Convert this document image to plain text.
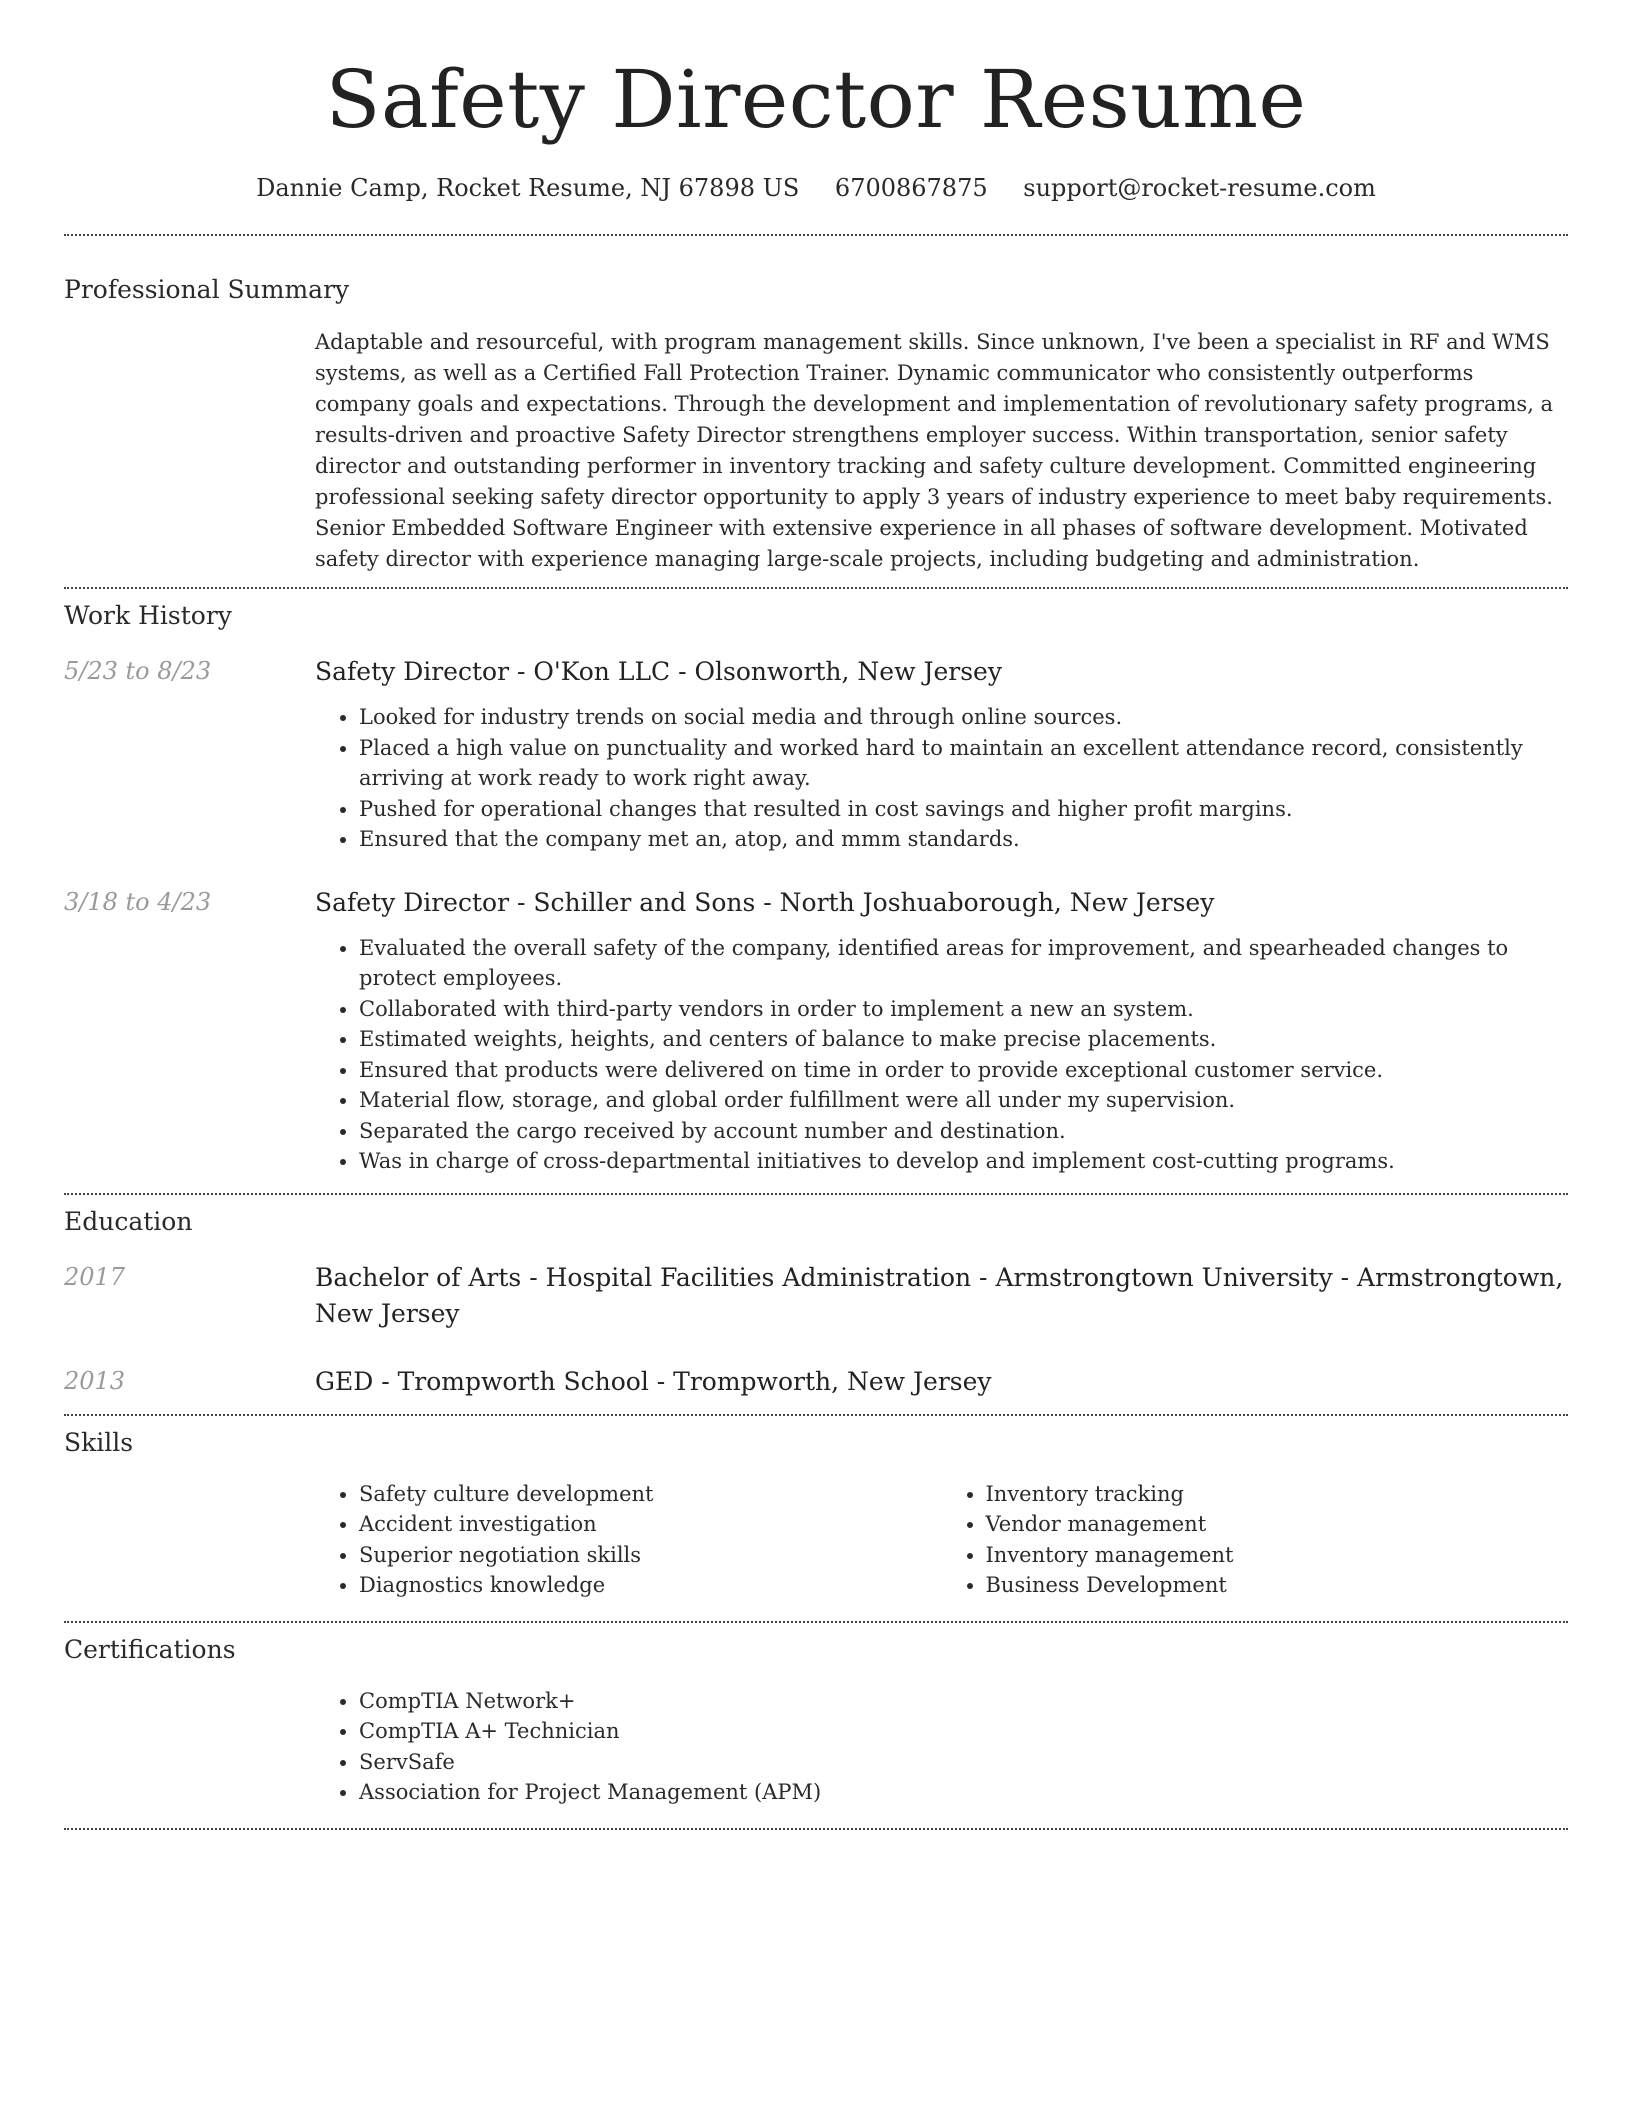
Safety Director Resume
Dannie Camp, Rocket Resume, NJ 67898 US 6700867875 support@rocket-resume.com
Professional Summary

Adaptable and resourceful, with program management skills. Since unknown, I've been a specialist in RF and WMS systems, as well as a Certified Fall Protection Trainer. Dynamic communicator who consistently outperforms company goals and expectations. Through the development and implementation of revolutionary safety programs, a results-driven and proactive Safety Director strengthens employer success. Within transportation, senior safety director and outstanding performer in inventory tracking and safety culture development. Committed engineering professional seeking safety director opportunity to apply 3 years of industry experience to meet baby requirements. Senior Embedded Software Engineer with extensive experience in all phases of software development. Motivated safety director with experience managing large-scale projects, including budgeting and administration.

Work History
5/23 to 8/23	Safety Director - O'Kon LLC - Olsonworth, New Jersey
• Looked for industry trends on social media and through online sources.
• Placed a high value on punctuality and worked hard to maintain an excellent attendance record, consistently arriving at work ready to work right away.
• Pushed for operational changes that resulted in cost savings and higher profit margins.
• Ensured that the company met an, atop, and mmm standards.
3/18 to 4/23	Safety Director - Schiller and Sons - North Joshuaborough, New Jersey
• Evaluated the overall safety of the company, identified areas for improvement, and spearheaded changes to protect employees.
• Collaborated with third-party vendors in order to implement a new an system.
• Estimated weights, heights, and centers of balance to make precise placements.
• Ensured that products were delivered on time in order to provide exceptional customer service.
• Material flow, storage, and global order fulfillment were all under my supervision.
• Separated the cargo received by account number and destination.
• Was in charge of cross-departmental initiatives to develop and implement cost-cutting programs.
Education
2017	Bachelor of Arts - Hospital Facilities Administration - Armstrongtown University - Armstrongtown, New Jersey
2013	GED - Trompworth School - Trompworth, New Jersey
Skills
• Safety culture development
• Accident investigation
• Superior negotiation skills
• Diagnostics knowledge
• Inventory tracking
• Vendor management
• Inventory management
• Business Development
Certifications
• CompTIA Network+
• CompTIA A+ Technician
• ServSafe
• Association for Project Management (APM)
